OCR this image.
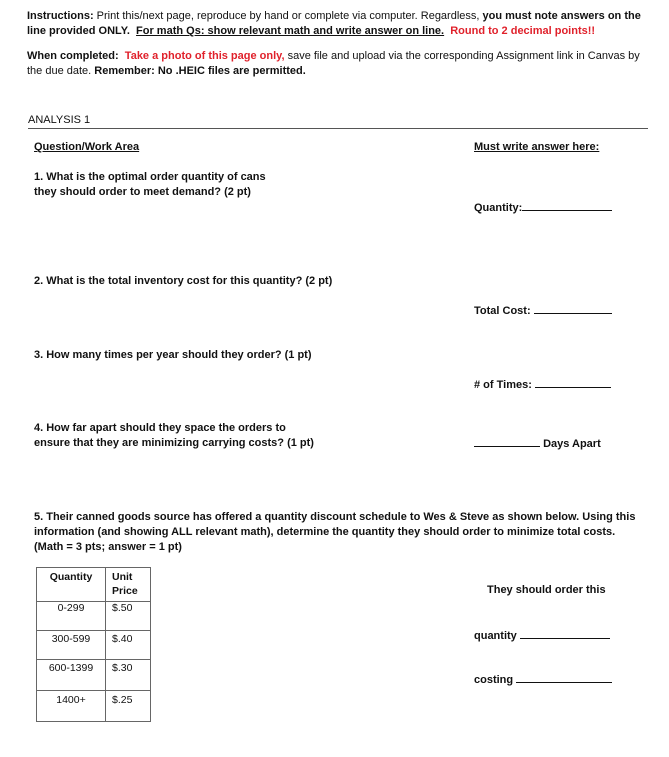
Instructions: Print this/next page, reproduce by hand or complete via computer. Regardless, you must note answers on the
line provided ONLY. For math Qs: show relevant math and write answer on line. Round to 2 decimal points!!
When completed: Take a photo of this page only, save file and upload via the corresponding Assignment link in Canvas by
the due date. Remember: No .HEIC files are permitted.
ANALYSIS 1
Question/Work Area	Must write answer here:
1. What is the optimal order quantity of cans
they should order to meet demand? (2 pt)
Quantity:
2. What is the total inventory cost for this quantity? (2 pt)
Total Cost:
3. How many times per year should they order? (1 pt)
# of Times:
4. How far apart should they space the orders to
ensure that they are minimizing carrying costs? (1 pt)	Days Apart
5. Their canned goods source has offered a quantity discount schedule to Wes & Steve as shown below. Using this
information (and showing ALL relevant math), determine the quantity they should order to minimize total costs.
(Math = 3 pts; answer = 1 pt)
Quantity	Unit
Price

0-299	$.50
300-599	$.40
600-1399	$.30
1400+	$.25
They should order this
quantity
costing
